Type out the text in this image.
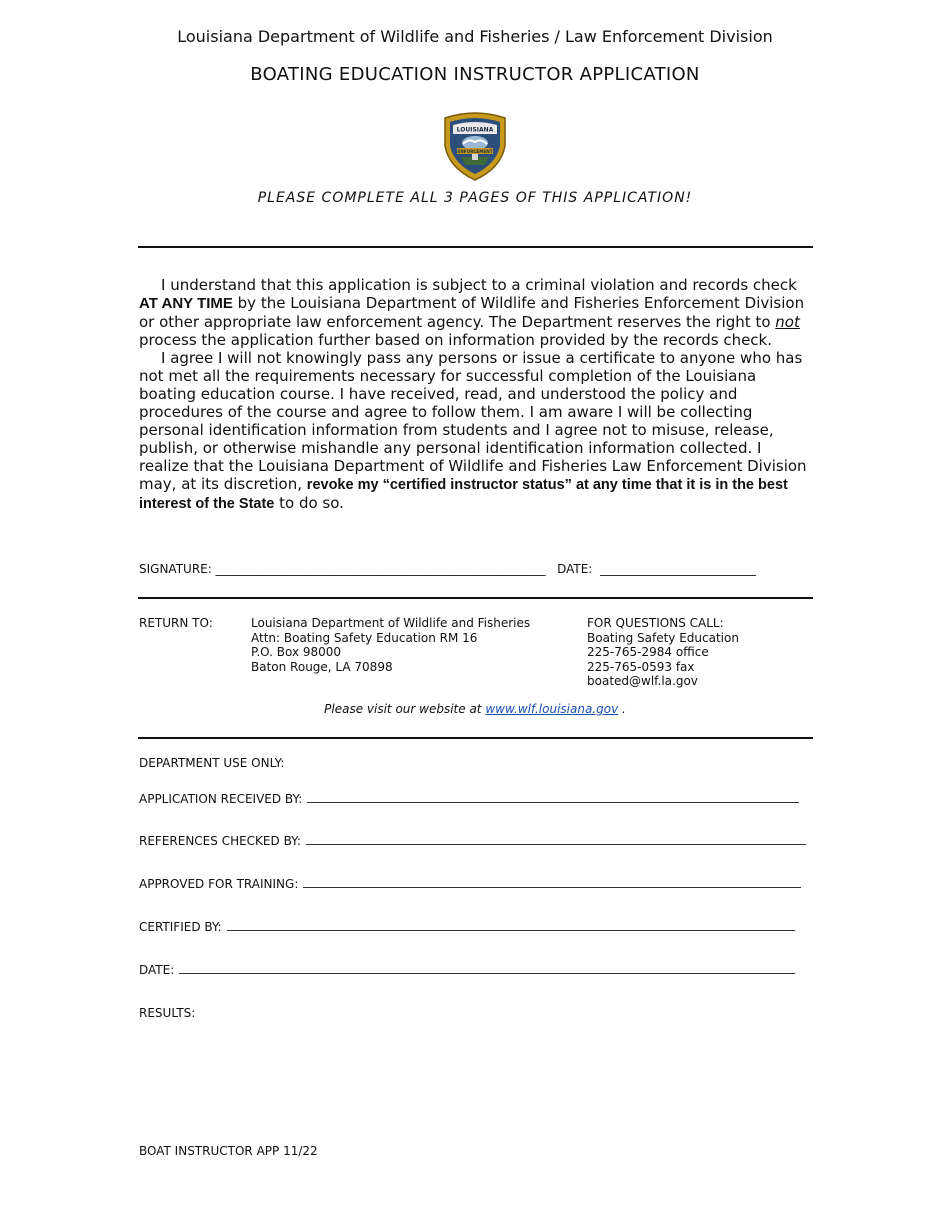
Louisiana Department of Wildlife and Fisheries / Law Enforcement Division
BOATING EDUCATION INSTRUCTOR APPLICATION
LOUISIANA
ENFORCEMENT
PLEASE COMPLETE ALL 3 PAGES OF THIS APPLICATION!

I understand that this application is subject to a criminal violation and records check AT ANY TIME by the Louisiana Department of Wildlife and Fisheries Enforcement Division or other appropriate law enforcement agency. The Department reserves the right to not process the application further based on information provided by the records check.

I agree I will not knowingly pass any persons or issue a certificate to anyone who has not met all the requirements necessary for successful completion of the Louisiana boating education course. I have received, read, and understood the policy and procedures of the course and agree to follow them. I am aware I will be collecting personal identification information from students and I agree not to misuse, release, publish, or otherwise mishandle any personal identification information collected. I realize that the Louisiana Department of Wildlife and Fisheries Law Enforcement Division may, at its discretion, revoke my “certified instructor status” at any time that it is in the best interest of the State to do so.

SIGNATURE: _______________________________________________________ DATE: __________________________
RETURN TO:	Louisiana Department of Wildlife and Fisheries
Attn: Boating Safety Education RM 16
P.O. Box 98000
Baton Rouge, LA 70898
FOR QUESTIONS CALL:
Boating Safety Education
225-765-2984 office
225-765-0593 fax
boated@wlf.la.gov
Please visit our website at www.wlf.louisiana.gov .
DEPARTMENT USE ONLY:
APPLICATION RECEIVED BY:
REFERENCES CHECKED BY:
APPROVED FOR TRAINING:
CERTIFIED BY:
DATE:
RESULTS:
BOAT INSTRUCTOR APP 11/22
